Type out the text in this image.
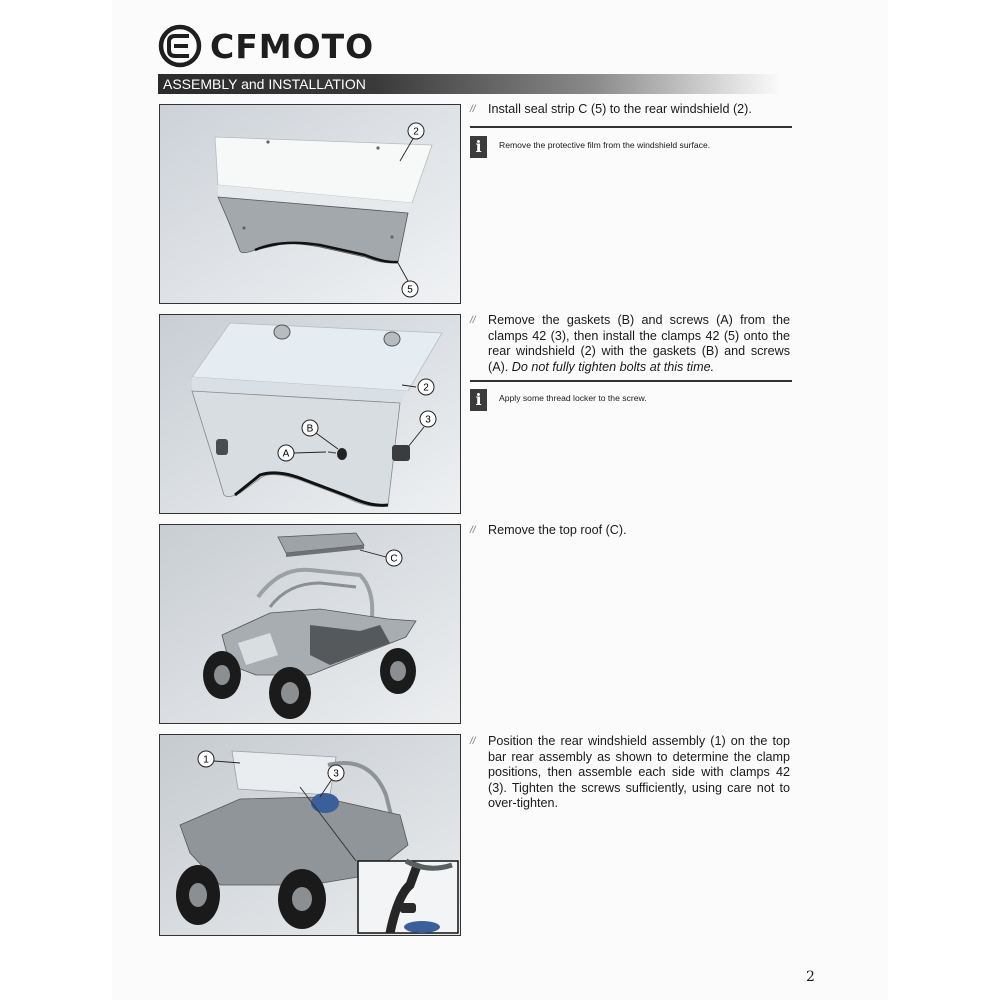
CFMOTO
ASSEMBLY and INSTALLATION
2
5
// Install seal strip C (5) to the rear windshield (2).
i	Remove the protective film from the windshield surface.
2
3
B
A
// Remove the gaskets (B) and screws (A) from the clamps 42 (3), then install the clamps 42 (5) onto the rear windshield (2) with the gaskets (B) and screws (A). Do not fully tighten bolts at this time.
i	Apply some thread locker to the screw.
C
// Remove the top roof (C).
1
3
// Position the rear windshield assembly (1) on the top bar rear assembly as shown to determine the clamp positions, then assemble each side with clamps 42 (3). Tighten the screws sufficiently, using care not to over-tighten.
2
